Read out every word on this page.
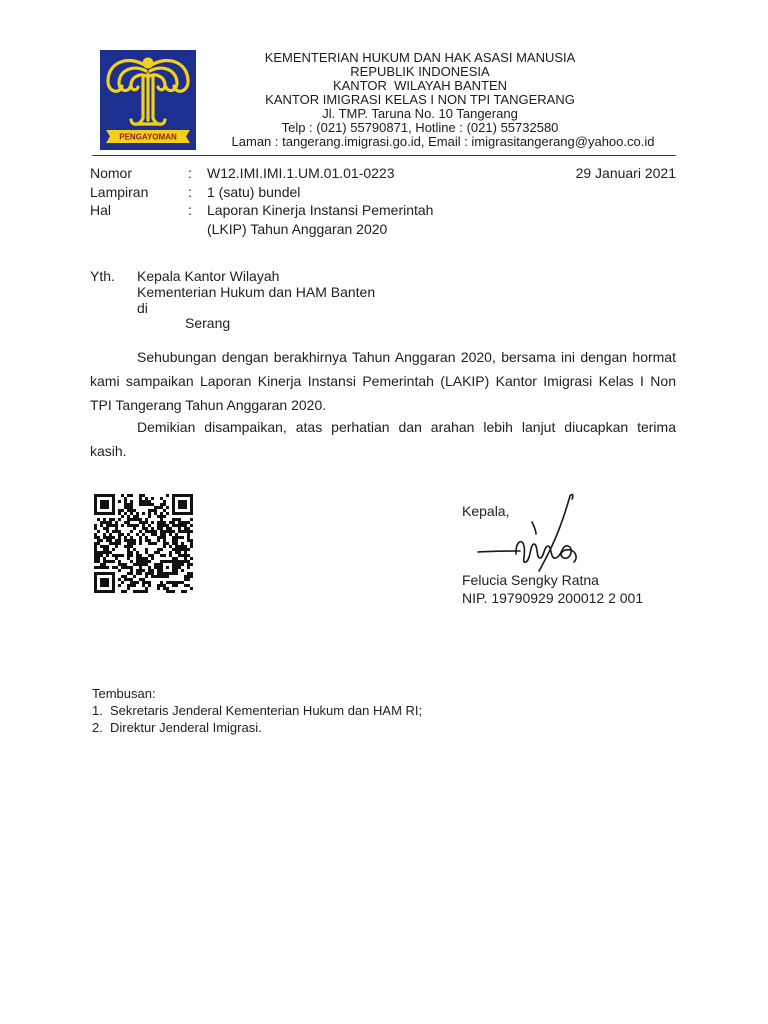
PENGAYOMAN
KEMENTERIAN HUKUM DAN HAK ASASI MANUSIA
REPUBLIK INDONESIA
KANTOR  WILAYAH BANTEN
KANTOR IMIGRASI KELAS I NON TPI TANGERANG
Jl. TMP. Taruna No. 10 Tangerang
Telp : (021) 55790871, Hotline : (021) 55732580
Laman : tangerang.imigrasi.go.id, Email : imigrasitangerang@yahoo.co.id
Nomor	:	W12.IMI.IMI.1.UM.01.01-0223
Lampiran	:	1 (satu) bundel
Hal	:	Laporan Kinerja Instansi Pemerintah
(LKIP) Tahun Anggaran 2020
29 Januari 2021
Yth.	Kepala Kantor Wilayah
Kementerian Hukum dan HAM Banten
di
Serang
Sehubungan dengan berakhirnya Tahun Anggaran 2020, bersama ini dengan hormat
kami sampaikan Laporan Kinerja Instansi Pemerintah (LAKIP) Kantor Imigrasi Kelas I Non
TPI Tangerang Tahun Anggaran 2020.
Demikian disampaikan, atas perhatian dan arahan lebih lanjut diucapkan terima
kasih.
Kepala,
Felucia Sengky Ratna
NIP. 19790929 200012 2 001
Tembusan:
1. Sekretaris Jenderal Kementerian Hukum dan HAM RI;
2. Direktur Jenderal Imigrasi.
